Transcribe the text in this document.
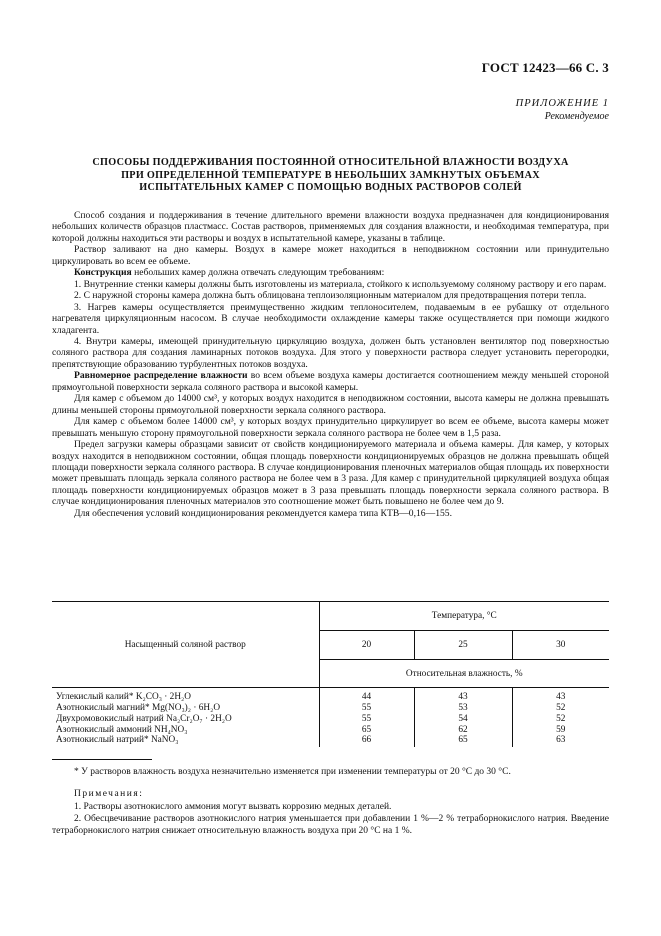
ГОСТ 12423—66 С. 3
ПРИЛОЖЕНИЕ 1
Рекомендуемое
СПОСОБЫ ПОДДЕРЖИВАНИЯ ПОСТОЯННОЙ ОТНОСИТЕЛЬНОЙ ВЛАЖНОСТИ ВОЗДУХА
ПРИ ОПРЕДЕЛЕННОЙ ТЕМПЕРАТУРЕ В НЕБОЛЬШИХ ЗАМКНУТЫХ ОБЪЕМАХ
ИСПЫТАТЕЛЬНЫХ КАМЕР С ПОМОЩЬЮ ВОДНЫХ РАСТВОРОВ СОЛЕЙ

Способ создания и поддерживания в течение длительного времени влажности воздуха предназначен для кондиционирования небольших количеств образцов пластмасс. Состав растворов, применяемых для создания влажности, и необходимая температура, при которой должны находиться эти растворы и воздух в испытательной камере, указаны в таблице.

Раствор заливают на дно камеры. Воздух в камере может находиться в неподвижном состоянии или принудительно циркулировать во всем ее объеме.

Конструкция небольших камер должна отвечать следующим требованиям:

1. Внутренние стенки камеры должны быть изготовлены из материала, стойкого к используемому соляному раствору и его парам.

2. С наружной стороны камера должна быть облицована теплоизоляционным материалом для предотвращения потери тепла.

3. Нагрев камеры осуществляется преимущественно жидким теплоносителем, подаваемым в ее рубашку от отдельного нагревателя циркуляционным насосом. В случае необходимости охлаждение камеры также осуществляется при помощи жидкого хладагента.

4. Внутри камеры, имеющей принудительную циркуляцию воздуха, должен быть установлен вентилятор под поверхностью соляного раствора для создания ламинарных потоков воздуха. Для этого у поверхности раствора следует установить перегородки, препятствующие образованию турбулентных потоков воздуха.

Равномерное распределение влажности во всем объеме воздуха камеры достигается соотношением между меньшей стороной прямоугольной поверхности зеркала соляного раствора и высокой камеры.

Для камер с объемом до 14000 см³, у которых воздух находится в неподвижном состоянии, высота камеры не должна превышать длины меньшей стороны прямоугольной поверхности зеркала соляного раствора.

Для камер с объемом более 14000 см³, у которых воздух принудительно циркулирует во всем ее объеме, высота камеры может превышать меньшую сторону прямоугольной поверхности зеркала соляного раствора не более чем в 1,5 раза.

Предел загрузки камеры образцами зависит от свойств кондиционируемого материала и объема камеры. Для камер, у которых воздух находится в неподвижном состоянии, общая площадь поверхности кондиционируемых образцов не должна превышать общей площади поверхности зеркала соляного раствора. В случае кондиционирования пленочных материалов общая площадь их поверхности может превышать площадь зеркала соляного раствора не более чем в 3 раза. Для камер с принудительной циркуляцией воздуха общая площадь поверхности кондиционируемых образцов может в 3 раза превышать площадь поверхности зеркала соляного раствора. В случае кондиционирования пленочных материалов это соотношение может быть повышено не более чем до 9.

Для обеспечения условий кондиционирования рекомендуется камера типа КТВ—0,16—155.

Насыщенный соляной раствор	Температура, °С		
	20	25	30
	Относительная влажность, %		
Углекислый калий* K₂CO₃ · 2H₂O	44	43	43
Азотнокислый магний* Mg(NO₃)₂ · 6H₂O	55	53	52
Двухромовокислый натрий Na₂Cr₂O₇ · 2H₂O	55	54	52
Азотнокислый аммоний NH₄NO₃	65	62	59
Азотнокислый натрий* NaNO₃	66	65	63

* У растворов влажность воздуха незначительно изменяется при изменении температуры от 20 °С до 30 °С.

Примечания:

1. Растворы азотнокислого аммония могут вызвать коррозию медных деталей.

2. Обесцвечивание растворов азотнокислого натрия уменьшается при добавлении 1 %—2 % тетраборнокислого натрия. Введение тетраборнокислого натрия снижает относительную влажность воздуха при 20 °С на 1 %.
